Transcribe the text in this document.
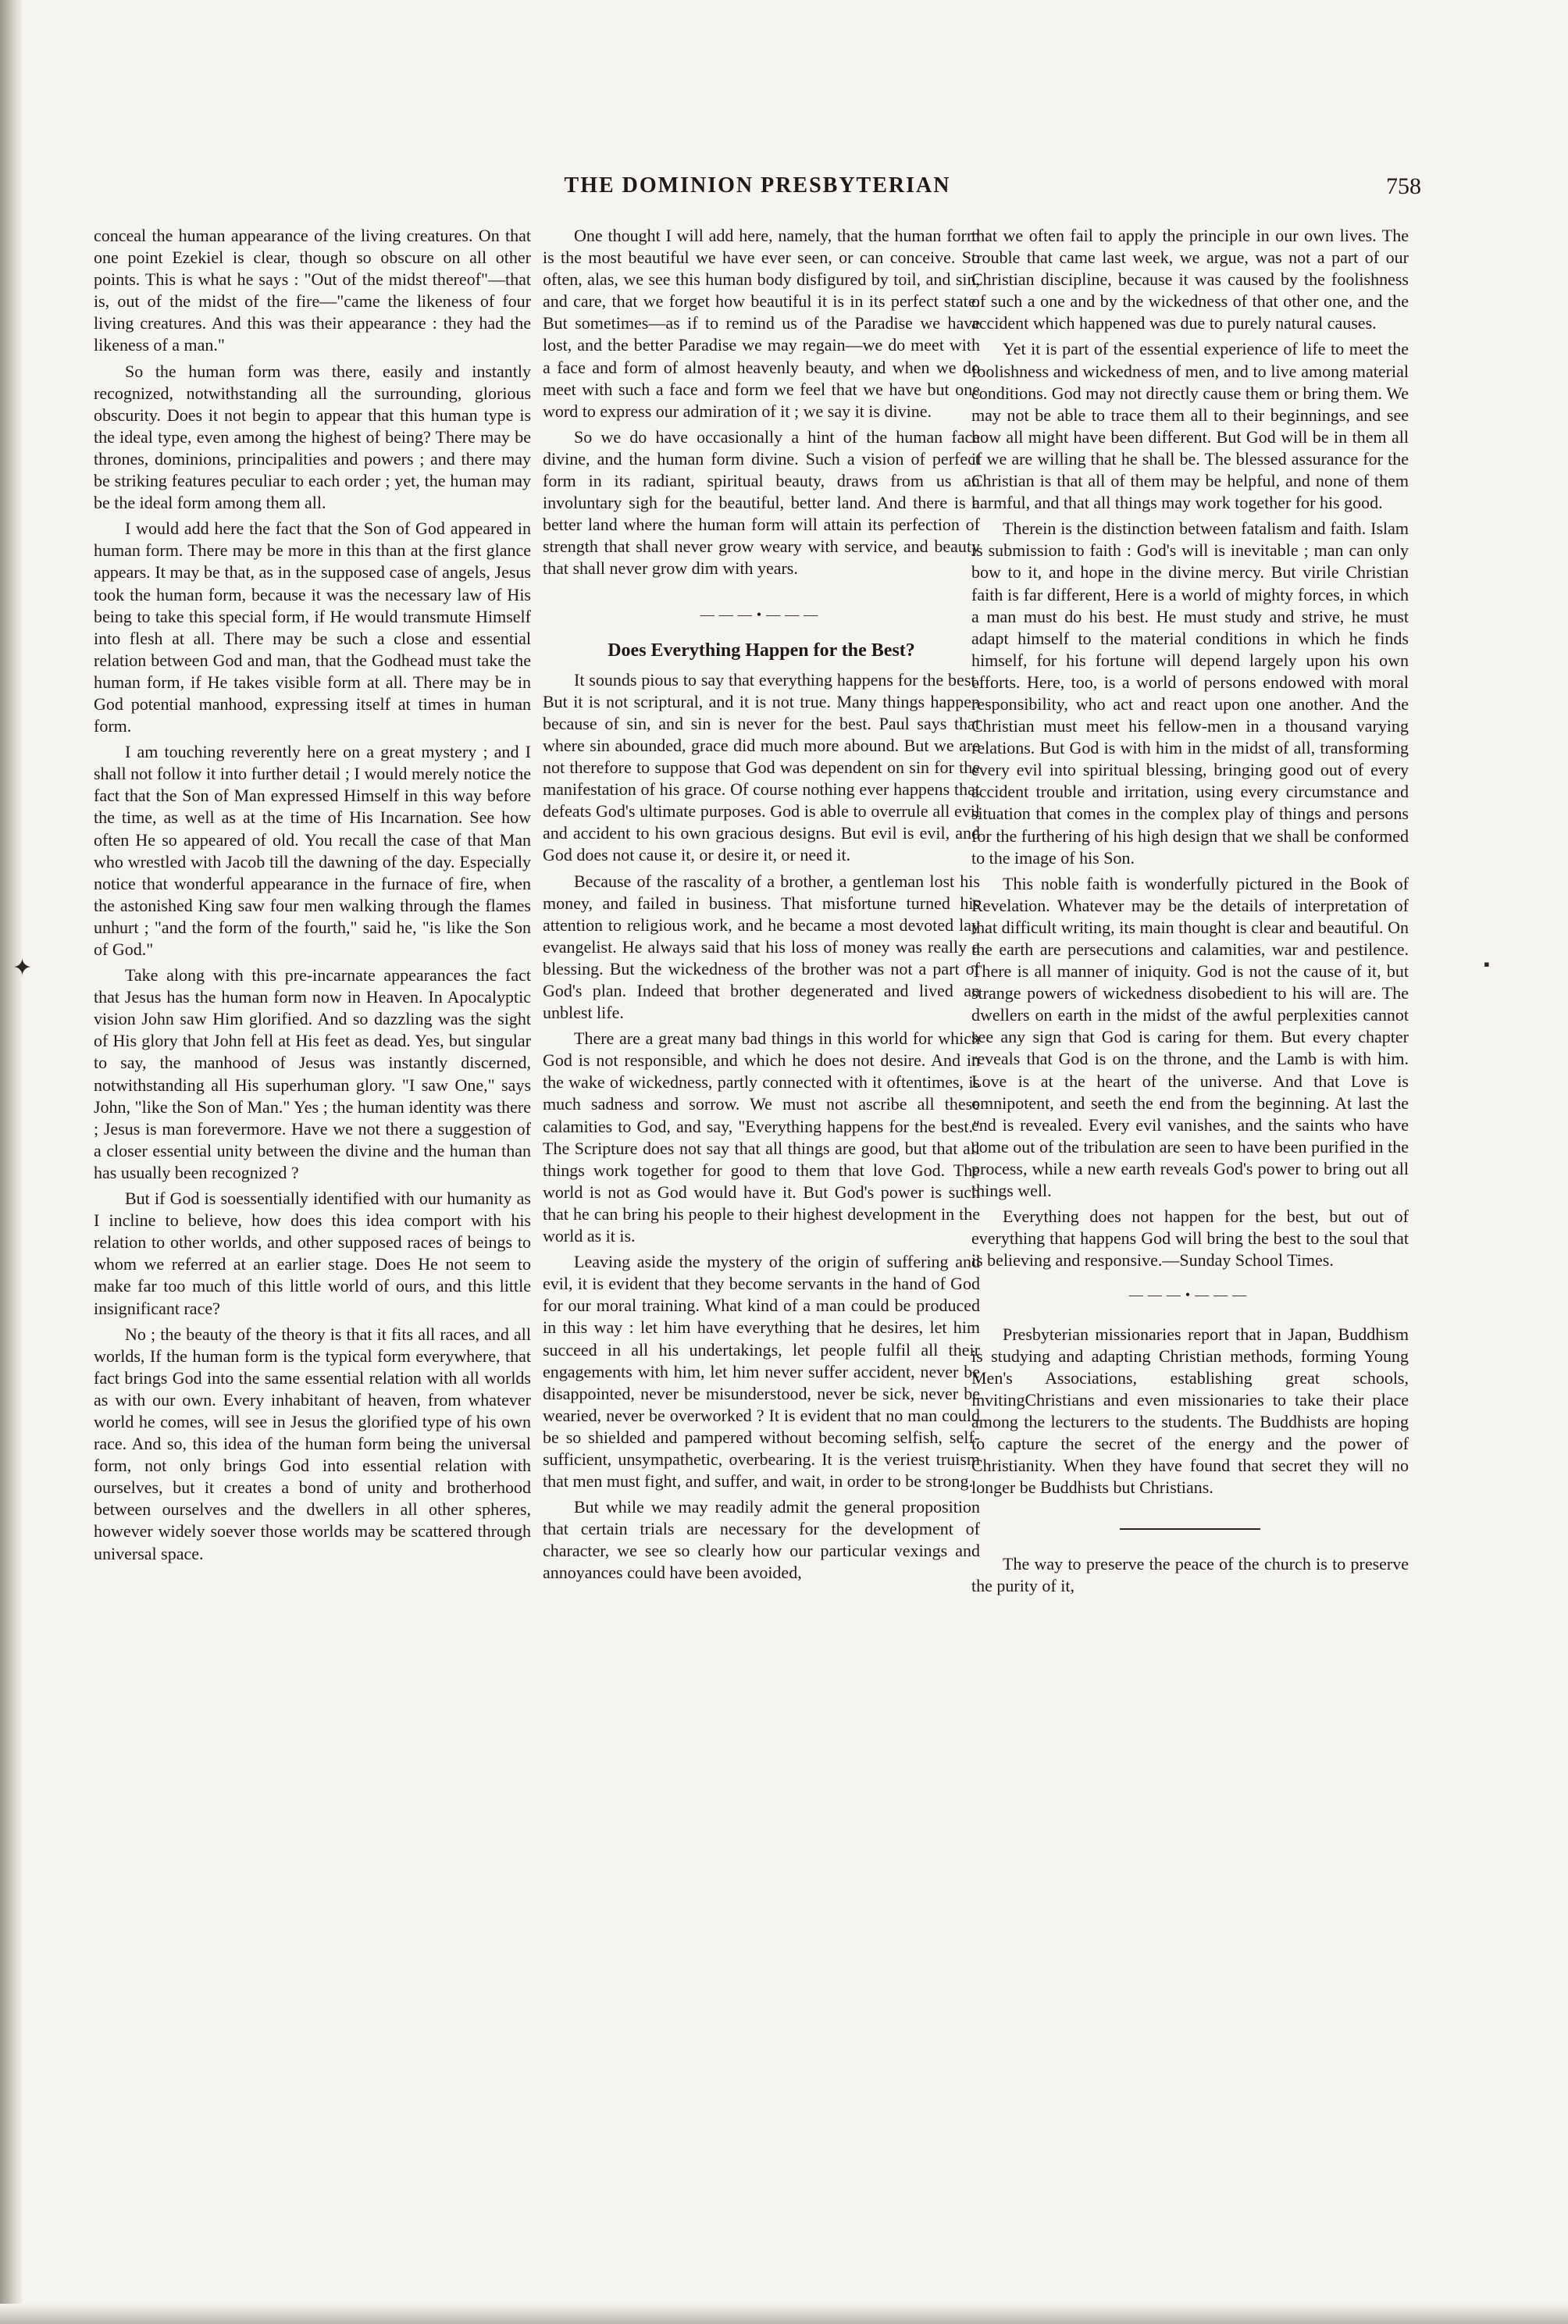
THE DOMINION PRESBYTERIAN	758
✦	▪

conceal the human appearance of the living creatures. On that one point Ezekiel is clear, though so obscure on all other points. This is what he says : "Out of the midst thereof"—that is, out of the midst of the fire—"came the likeness of four living creatures. And this was their appearance : they had the likeness of a man."

So the human form was there, easily and instantly recognized, notwithstanding all the surrounding, glorious obscurity. Does it not begin to appear that this human type is the ideal type, even among the highest of being? There may be thrones, dominions, principalities and powers ; and there may be striking features peculiar to each order ; yet, the human may be the ideal form among them all.

I would add here the fact that the Son of God appeared in human form. There may be more in this than at the first glance appears. It may be that, as in the supposed case of angels, Jesus took the human form, because it was the necessary law of His being to take this special form, if He would transmute Himself into flesh at all. There may be such a close and essential relation between God and man, that the Godhead must take the human form, if He takes visible form at all. There may be in God potential manhood, expressing itself at times in human form.

I am touching reverently here on a great mystery ; and I shall not follow it into further detail ; I would merely notice the fact that the Son of Man expressed Himself in this way before the time, as well as at the time of His Incarnation. See how often He so appeared of old. You recall the case of that Man who wrestled with Jacob till the dawning of the day. Especially notice that wonderful appearance in the furnace of fire, when the astonished King saw four men walking through the flames unhurt ; "and the form of the fourth," said he, "is like the Son of God."

Take along with this pre-incarnate appearances the fact that Jesus has the human form now in Heaven. In Apocalyptic vision John saw Him glorified. And so dazzling was the sight of His glory that John fell at His feet as dead. Yes, but singular to say, the manhood of Jesus was instantly discerned, notwithstanding all His superhuman glory. "I saw One," says John, "like the Son of Man." Yes ; the human identity was there ; Jesus is man forevermore. Have we not there a suggestion of a closer essential unity between the divine and the human than has usually been recognized ?

But if God is soessentially identified with our humanity as I incline to believe, how does this idea comport with his relation to other worlds, and other supposed races of beings to whom we referred at an earlier stage. Does He not seem to make far too much of this little world of ours, and this little insignificant race?

No ; the beauty of the theory is that it fits all races, and all worlds, If the human form is the typical form everywhere, that fact brings God into the same essential relation with all worlds as with our own. Every inhabitant of heaven, from whatever world he comes, will see in Jesus the glorified type of his own race. And so, this idea of the human form being the universal form, not only brings God into essential relation with ourselves, but it creates a bond of unity and brotherhood between ourselves and the dwellers in all other spheres, however widely soever those worlds may be scattered through universal space.

One thought I will add here, namely, that the human form is the most beautiful we have ever seen, or can conceive. So often, alas, we see this human body disfigured by toil, and sin, and care, that we forget how beautiful it is in its perfect state. But sometimes—as if to remind us of the Paradise we have lost, and the better Paradise we may regain—we do meet with a face and form of almost heavenly beauty, and when we do meet with such a face and form we feel that we have but one word to express our admiration of it ; we say it is divine.

So we do have occasionally a hint of the human face divine, and the human form divine. Such a vision of perfect form in its radiant, spiritual beauty, draws from us an involuntary sigh for the beautiful, better land. And there is a better land where the human form will attain its perfection of strength that shall never grow weary with service, and beauty that shall never grow dim with years.

———•———
Does Everything Happen for the Best?

It sounds pious to say that everything happens for the best. But it is not scriptural, and it is not true. Many things happen because of sin, and sin is never for the best. Paul says that where sin abounded, grace did much more abound. But we are not therefore to suppose that God was dependent on sin for the manifestation of his grace. Of course nothing ever happens that defeats God's ultimate purposes. God is able to overrule all evil and accident to his own gracious designs. But evil is evil, and God does not cause it, or desire it, or need it.

Because of the rascality of a brother, a gentleman lost his money, and failed in business. That misfortune turned his attention to religious work, and he became a most devoted lay evangelist. He always said that his loss of money was really a blessing. But the wickedness of the brother was not a part of God's plan. Indeed that brother degenerated and lived an unblest life.

There are a great many bad things in this world for which God is not responsible, and which he does not desire. And in the wake of wickedness, partly connected with it oftentimes, is much sadness and sorrow. We must not ascribe all these calamities to God, and say, "Everything happens for the best." The Scripture does not say that all things are good, but that all things work together for good to them that love God. The world is not as God would have it. But God's power is such that he can bring his people to their highest development in the world as it is.

Leaving aside the mystery of the origin of suffering and evil, it is evident that they become servants in the hand of God for our moral training. What kind of a man could be produced in this way : let him have everything that he desires, let him succeed in all his undertakings, let people fulfil all their engagements with him, let him never suffer accident, never be disappointed, never be misunderstood, never be sick, never be wearied, never be overworked ? It is evident that no man could be so shielded and pampered without becoming selfish, self-sufficient, unsympathetic, overbearing. It is the veriest truism that men must fight, and suffer, and wait, in order to be strong.

But while we may readily admit the general proposition that certain trials are necessary for the development of character, we see so clearly how our particular vexings and annoyances could have been avoided,

that we often fail to apply the principle in our own lives. The trouble that came last week, we argue, was not a part of our Christian discipline, because it was caused by the foolishness of such a one and by the wickedness of that other one, and the accident which happened was due to purely natural causes.

Yet it is part of the essential experience of life to meet the foolishness and wickedness of men, and to live among material conditions. God may not directly cause them or bring them. We may not be able to trace them all to their beginnings, and see how all might have been different. But God will be in them all if we are willing that he shall be. The blessed assurance for the Christian is that all of them may be helpful, and none of them harmful, and that all things may work together for his good.

Therein is the distinction between fatalism and faith. Islam is submission to faith : God's will is inevitable ; man can only bow to it, and hope in the divine mercy. But virile Christian faith is far different, Here is a world of mighty forces, in which a man must do his best. He must study and strive, he must adapt himself to the material conditions in which he finds himself, for his fortune will depend largely upon his own efforts. Here, too, is a world of persons endowed with moral responsibility, who act and react upon one another. And the Christian must meet his fellow-men in a thousand varying relations. But God is with him in the midst of all, transforming every evil into spiritual blessing, bringing good out of every accident trouble and irritation, using every circumstance and situation that comes in the complex play of things and persons for the furthering of his high design that we shall be conformed to the image of his Son.

This noble faith is wonderfully pictured in the Book of Revelation. Whatever may be the details of interpretation of that difficult writing, its main thought is clear and beautiful. On the earth are persecutions and calamities, war and pestilence. There is all manner of iniquity. God is not the cause of it, but strange powers of wickedness disobedient to his will are. The dwellers on earth in the midst of the awful perplexities cannot see any sign that God is caring for them. But every chapter reveals that God is on the throne, and the Lamb is with him. Love is at the heart of the universe. And that Love is omnipotent, and seeth the end from the beginning. At last the end is revealed. Every evil vanishes, and the saints who have come out of the tribulation are seen to have been purified in the process, while a new earth reveals God's power to bring out all things well.

Everything does not happen for the best, but out of everything that happens God will bring the best to the soul that is believing and responsive.—Sunday School Times.

———•———

Presbyterian missionaries report that in Japan, Buddhism is studying and adapting Christian methods, forming Young Men's Associations, establishing great schools, invitingChristians and even missionaries to take their place among the lecturers to the students. The Buddhists are hoping to capture the secret of the energy and the power of Christianity. When they have found that secret they will no longer be Buddhists but Christians.

The way to preserve the peace of the church is to preserve the purity of it,
